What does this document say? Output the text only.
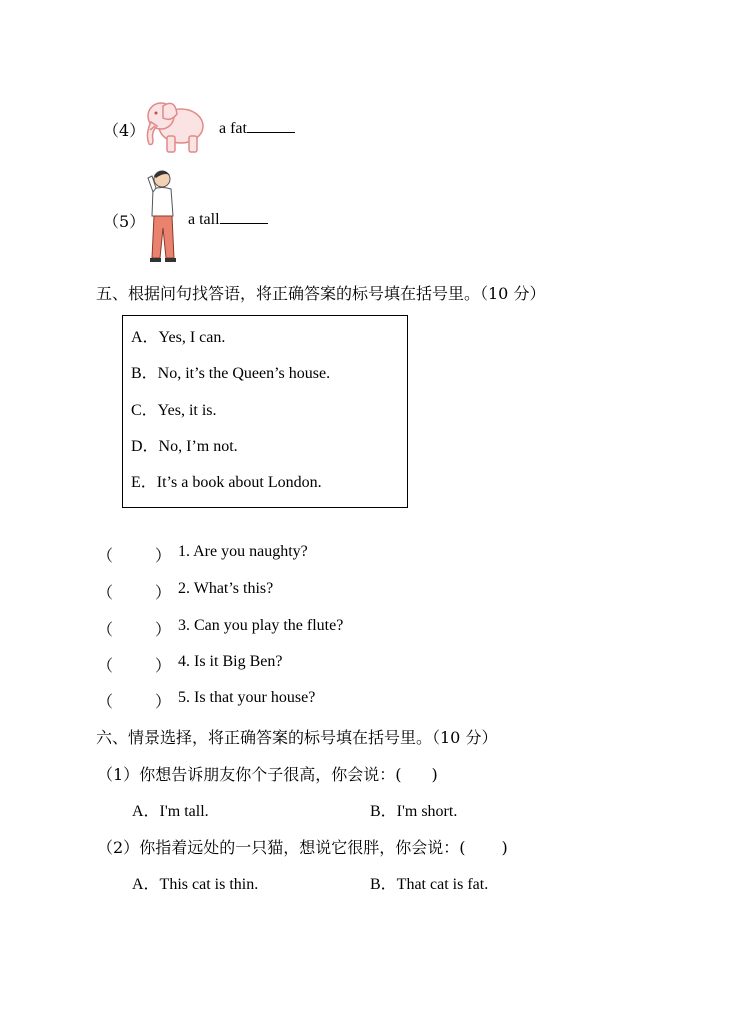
（4）	a fat
（5）	a tall
五、根据问句找答语，将正确答案的标号填在括号里。（10 分）
A．Yes, I can.
B．No, it’s the Queen’s house.
C．Yes, it is.
D．No, I’m not.
E．It’s a book about London.
（	） 1. Are you naughty?
（	） 2. What’s this?
（	） 3. Can you play the flute?
（	） 4. Is it Big Ben?
（	） 5. Is that your house?
六、情景选择，将正确答案的标号填在括号里。（10 分）
（1）你想告诉朋友你个子很高，你会说：( )
A．I'm tall.	B．I'm short.
（2）你指着远处的一只猫，想说它很胖，你会说：( )
A．This cat is thin.	B．That cat is fat.
